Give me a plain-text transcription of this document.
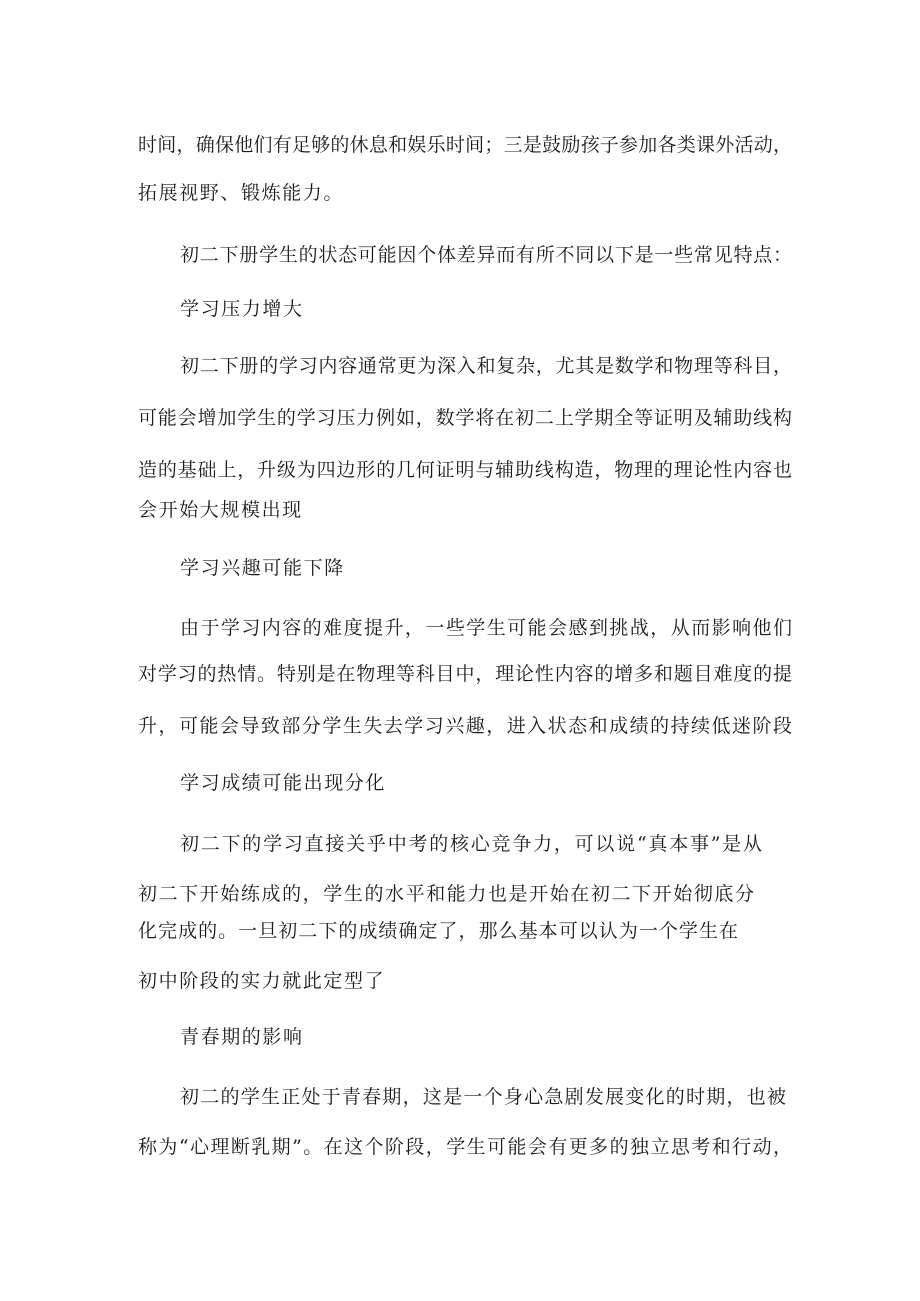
时间，确保他们有足够的休息和娱乐时间；三是鼓励孩子参加各类课外活动，
拓展视野、锻炼能力。
初二下册学生的状态可能因个体差异而有所不同以下是一些常见特点：
学习压力增大
初二下册的学习内容通常更为深入和复杂，尤其是数学和物理等科目，
可能会增加学生的学习压力例如，数学将在初二上学期全等证明及辅助线构
造的基础上，升级为四边形的几何证明与辅助线构造，物理的理论性内容也
会开始大规模出现
学习兴趣可能下降
由于学习内容的难度提升，一些学生可能会感到挑战，从而影响他们
对学习的热情。特别是在物理等科目中，理论性内容的增多和题目难度的提
升，可能会导致部分学生失去学习兴趣，进入状态和成绩的持续低迷阶段
学习成绩可能出现分化
初二下的学习直接关乎中考的核心竞争力，可以说“真本事”是从
初二下开始练成的，学生的水平和能力也是开始在初二下开始彻底分
化完成的。一旦初二下的成绩确定了，那么基本可以认为一个学生在
初中阶段的实力就此定型了
青春期的影响
初二的学生正处于青春期，这是一个身心急剧发展变化的时期，也被
称为“心理断乳期”。在这个阶段，学生可能会有更多的独立思考和行动，
